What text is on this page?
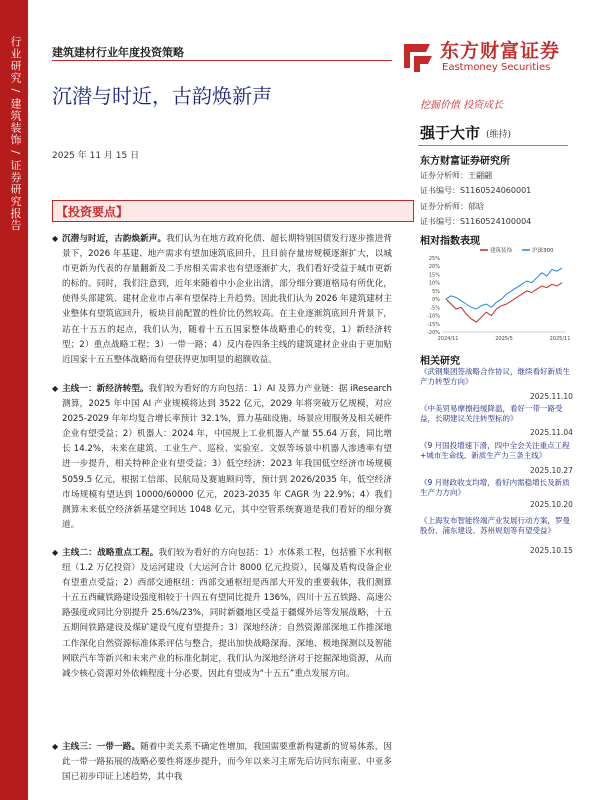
行业研究 / 建筑装饰 / 证券研究报告	建筑建材行业年度投资策略	东方财富证券
Eastmoney Securities
挖掘价值 投资成长
沉潜与时近，古韵焕新声
2025 年 11 月 15 日
强于大市 (维持)
东方财富证券研究所
证券分析师：王翩翩
证书编号：S1160524060001
证券分析师：郁晗
证书编号：S1160524100004
相对指数表现
建筑装饰	沪深300
25%
20%
15%
10%
5%
0%
-5%
-10%
-15%
-20%
2024/11	2025/5	2025/11
相关研究
《武钢集团签战略合作协议，继续看好新质生产力转型方向》
2025.11.10
《中美贸易摩擦趋缓降温，看好一带一路受益，长期建议关注转型标的》
2025.11.04
《9 月国投增速下滑，四中全会关注重点工程+城市生命线、新质生产力三条主线》
2025.10.27
《9 月财政收支均增，看好内需稳增长及新质生产力方向》
2025.10.20
《上海发布智能终端产业发展行动方案，罗曼股份、浦东建设、苏州规划等有望受益》
2025.10.15
【投资要点】
◆ 沉潜与时近，古韵焕新声。我们认为在地方政府化债、超长期特别国债发行逐步推进背景下，2026 年基建、地产需求有望加速筑底回升，且目前存量房规模逐渐扩大，以城市更新为代表的存量翻新及二手房相关需求也有望逐渐扩大，我们看好受益于城市更新的标的。同时，我们注意到，近年来随着中小企业出清，部分细分赛道格局有所优化，使得头部建筑、建材企业市占率有望保持上升趋势。因此我们认为 2026 年建筑建材主业整体有望筑底回升，板块目前配置的性价比仍然较高。在主业逐渐筑底回升背景下，站在十五五的起点，我们认为，随着十五五国家整体战略重心的转变，1）新经济转型；2）重点战略工程；3）一带一路；4）反内卷四条主线的建筑建材企业由于更加贴近国家十五五整体战略而有望获得更加明显的超额收益。
◆ 主线一：新经济转型。我们较为看好的方向包括：1）AI 及算力产业链：据 iResearch 测算，2025 年中国 AI 产业规模将达到 3522 亿元，2029 年将突破万亿规模，对应 2025-2029 年年均复合增长率预计 32.1%，算力基础设施、场景应用服务及相关硬件企业有望受益；2）机器人：2024 年，中国规上工业机器人产量 55.64 万套，同比增长 14.2%，未来在建筑、工业生产、巡检、实验室、文娱等场景中机器人渗透率有望进一步提升，相关特种企业有望受益；3）低空经济：2023 年我国低空经济市场规模 5059.5 亿元，根据工信部、民航局及赛迪顾问等，预计到 2026/2035 年，低空经济市场规模有望达到 10000/60000 亿元，2023-2035 年 CAGR 为 22.9%；4）我们测算未来低空经济新基建空间达 1048 亿元，其中空管系统赛道是我们看好的细分赛道。
◆ 主线二：战略重点工程。我们较为看好的方向包括：1）水体系工程，包括雅下水利枢纽（1.2 万亿投资）及运河建设（大运河合计 8000 亿元投资），民爆及盾构设备企业有望重点受益；2）西部交通枢纽：西部交通枢纽是西部大开发的重要载体，我们测算十五五西藏铁路建设强度相较于十四五有望同比提升 136%，四川十五五铁路、高速公路强度或同比分别提升 25.6%/23%，同时新疆地区受益于疆煤外运等发展战略，十五五期间铁路建设及煤矿建设气度有望提升；3）深地经济：自然资源部深地工作推深地工作深化自然资源标准体系评估与整合，提出加快战略深海、深地、极地探测以及智能网联汽车等新兴和未来产业的标准化制定，我们认为深地经济对于挖掘深地资源，从而减少核心资源对外依赖程度十分必要，因此有望成为“十五五”重点发展方向。
◆ 主线三：一带一路。随着中美关系不确定性增加，我国需要重新构建新的贸易体系，因此一带一路拓展的战略必要性将逐步提升，而今年以来习主席先后访问东南亚、中亚多国已初步印证上述趋势，其中我
